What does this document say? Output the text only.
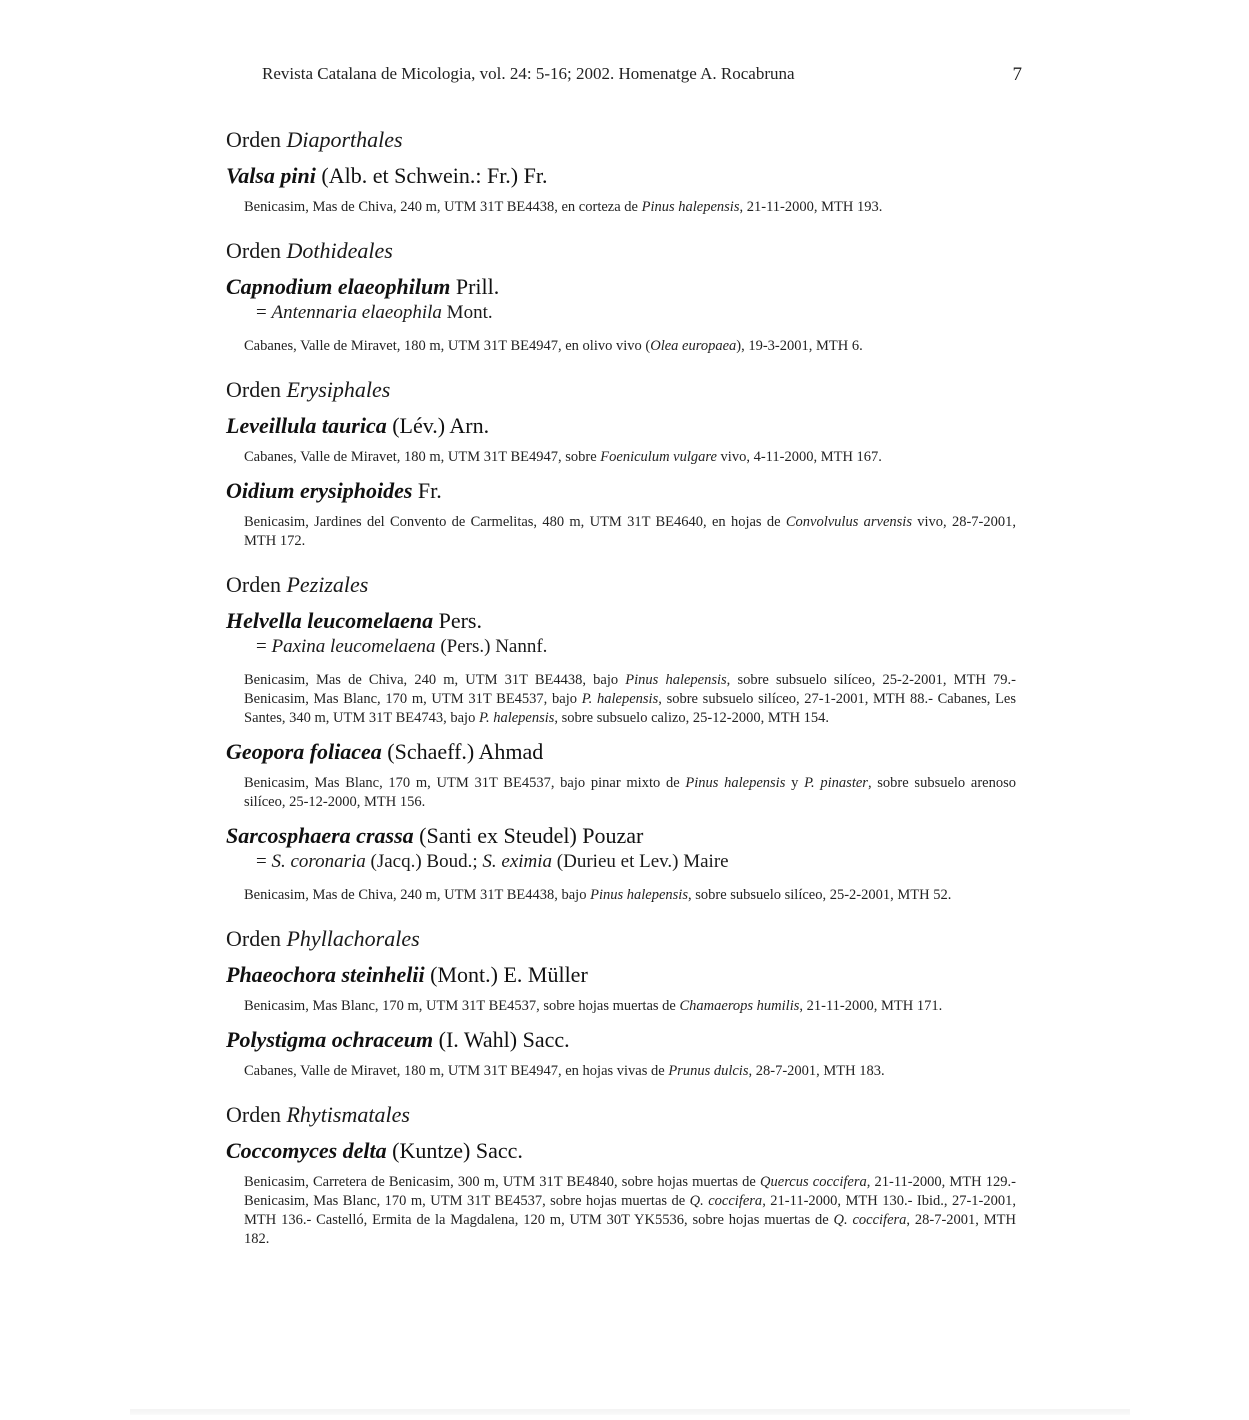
Revista Catalana de Micologia, vol. 24: 5-16; 2002. Homenatge A. Rocabruna	7
Orden Diaporthales
Valsa pini (Alb. et Schwein.: Fr.) Fr.
Benicasim, Mas de Chiva, 240 m, UTM 31T BE4438, en corteza de Pinus halepensis, 21-11-2000, MTH 193.
Orden Dothideales
Capnodium elaeophilum Prill.
= Antennaria elaeophila Mont.
Cabanes, Valle de Miravet, 180 m, UTM 31T BE4947, en olivo vivo (Olea europaea), 19-3-2001, MTH 6.
Orden Erysiphales
Leveillula taurica (Lév.) Arn.
Cabanes, Valle de Miravet, 180 m, UTM 31T BE4947, sobre Foeniculum vulgare vivo, 4-11-2000, MTH 167.
Oidium erysiphoides Fr.
Benicasim, Jardines del Convento de Carmelitas, 480 m, UTM 31T BE4640, en hojas de Convolvulus arvensis vivo, 28-7-2001, MTH 172.
Orden Pezizales
Helvella leucomelaena Pers.
= Paxina leucomelaena (Pers.) Nannf.
Benicasim, Mas de Chiva, 240 m, UTM 31T BE4438, bajo Pinus halepensis, sobre subsuelo silíceo, 25-2-2001, MTH 79.- Benicasim, Mas Blanc, 170 m, UTM 31T BE4537, bajo P. halepensis, sobre subsuelo silíceo, 27-1-2001, MTH 88.- Cabanes, Les Santes, 340 m, UTM 31T BE4743, bajo P. halepensis, sobre subsuelo calizo, 25-12-2000, MTH 154.
Geopora foliacea (Schaeff.) Ahmad
Benicasim, Mas Blanc, 170 m, UTM 31T BE4537, bajo pinar mixto de Pinus halepensis y P. pinaster, sobre subsuelo arenoso silíceo, 25-12-2000, MTH 156.
Sarcosphaera crassa (Santi ex Steudel) Pouzar
= S. coronaria (Jacq.) Boud.; S. eximia (Durieu et Lev.) Maire
Benicasim, Mas de Chiva, 240 m, UTM 31T BE4438, bajo Pinus halepensis, sobre subsuelo silíceo, 25-2-2001, MTH 52.
Orden Phyllachorales
Phaeochora steinhelii (Mont.) E. Müller
Benicasim, Mas Blanc, 170 m, UTM 31T BE4537, sobre hojas muertas de Chamaerops humilis, 21-11-2000, MTH 171.
Polystigma ochraceum (I. Wahl) Sacc.
Cabanes, Valle de Miravet, 180 m, UTM 31T BE4947, en hojas vivas de Prunus dulcis, 28-7-2001, MTH 183.
Orden Rhytismatales
Coccomyces delta (Kuntze) Sacc.
Benicasim, Carretera de Benicasim, 300 m, UTM 31T BE4840, sobre hojas muertas de Quercus coccifera, 21-11-2000, MTH 129.- Benicasim, Mas Blanc, 170 m, UTM 31T BE4537, sobre hojas muertas de Q. coccifera, 21-11-2000, MTH 130.- Ibid., 27-1-2001, MTH 136.- Castelló, Ermita de la Magdalena, 120 m, UTM 30T YK5536, sobre hojas muertas de Q. coccifera, 28-7-2001, MTH 182.
